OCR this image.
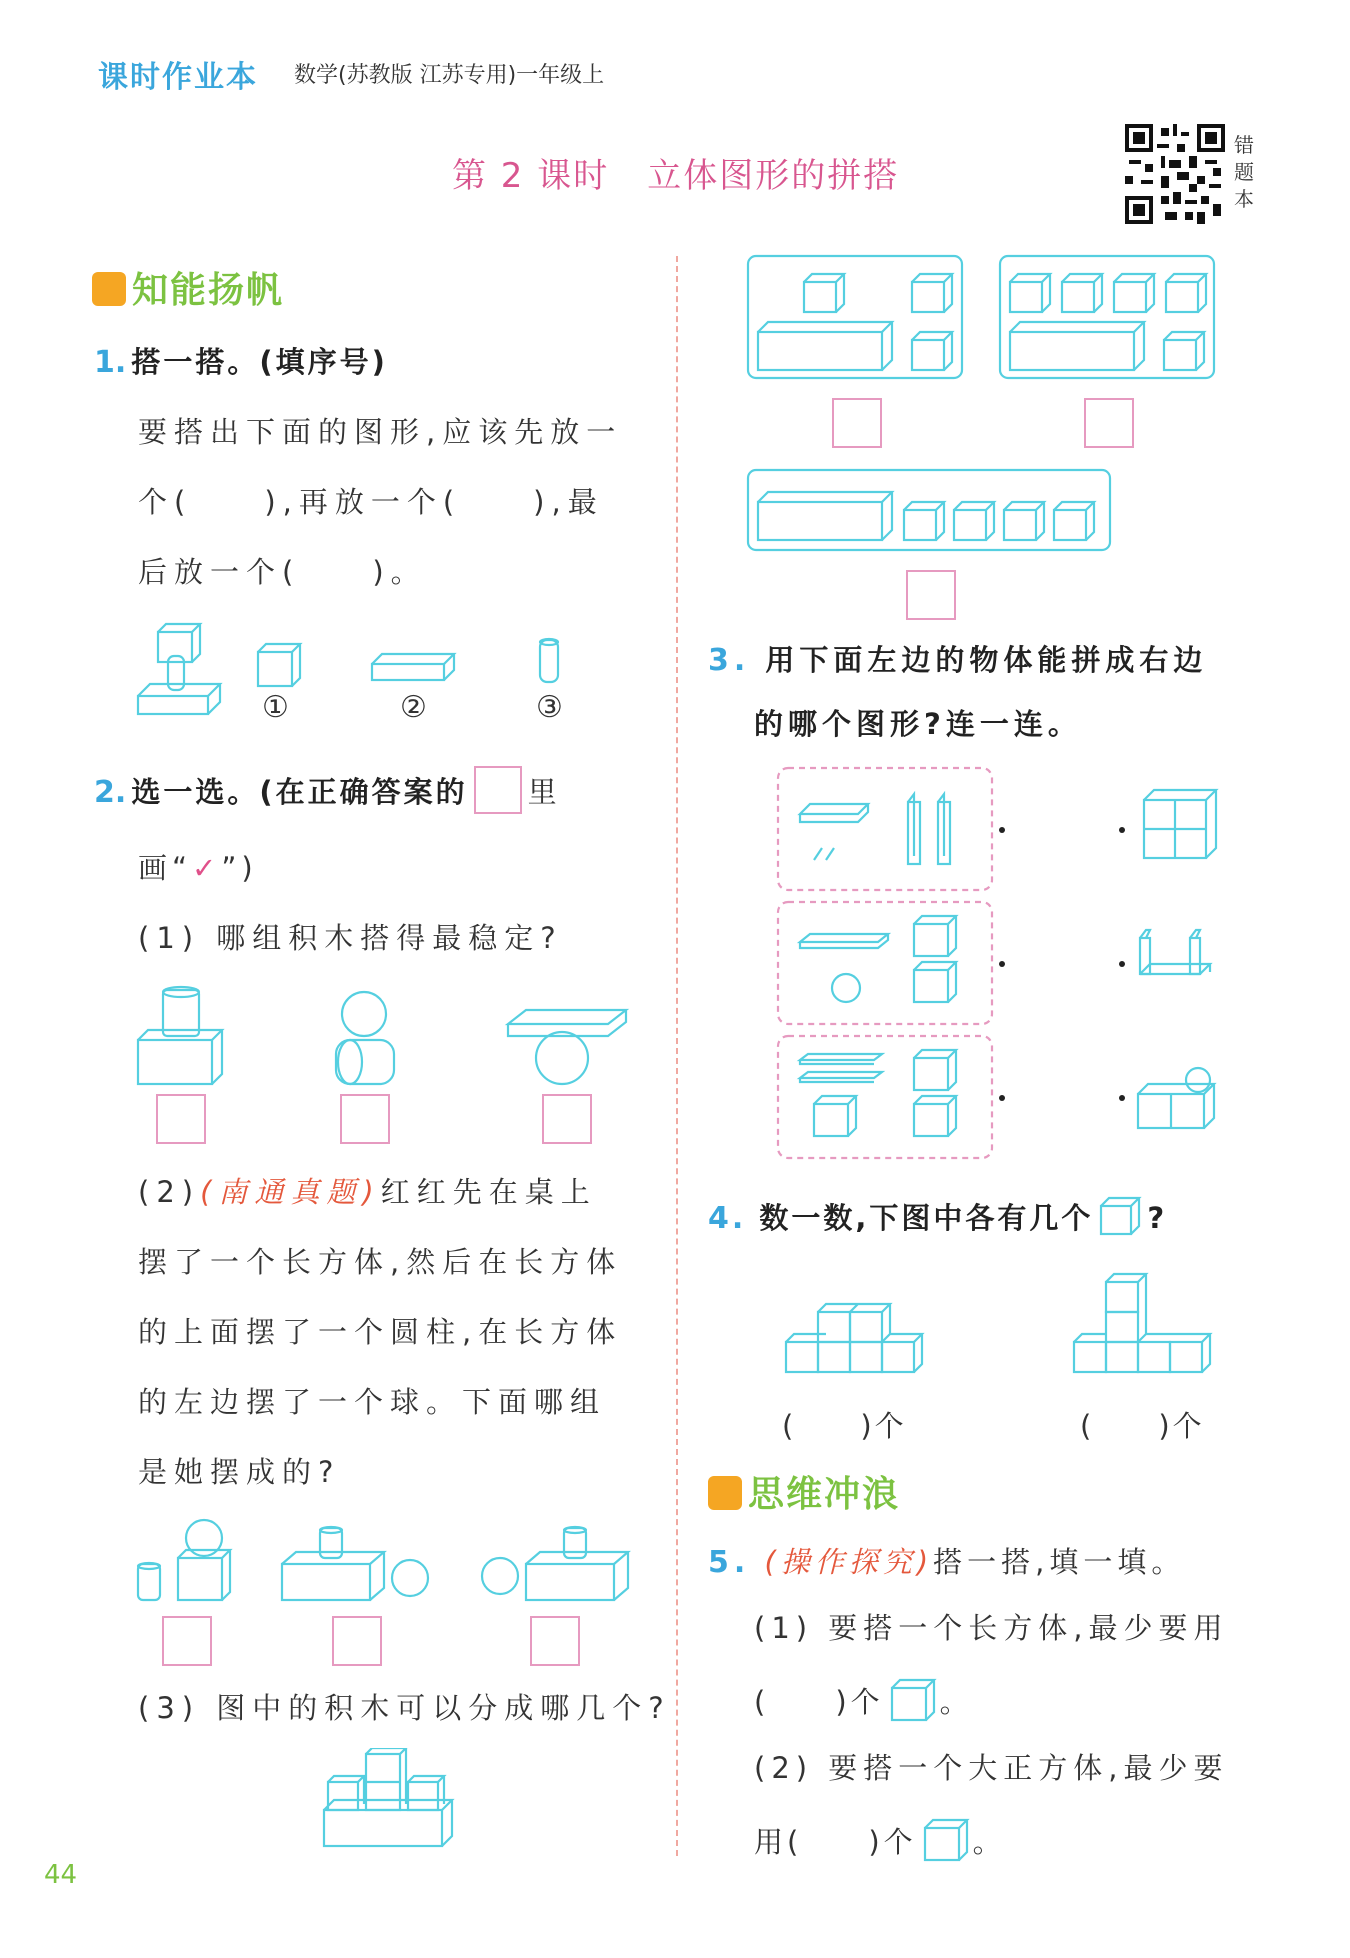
课时作业本 数学(苏教版 江苏专用)一年级上
第 2 课时 立体图形的拼搭
错题本
知能扬帆
1. 搭一搭。(填序号)
要搭出下面的图形,应该先放一
个(　　),再放一个(　　),最
后放一个(　　)。
①	②	③
2. 选一选。(在正确答案的 里
画“✓”)
(1) 哪组积木搭得最稳定?
(2)(南通真题)红红先在桌上
摆了一个长方体,然后在长方体
的上面摆了一个圆柱,在长方体
的左边摆了一个球。下面哪组
是她摆成的?
(3) 图中的积木可以分成哪几个?
44
3. 用下面左边的物体能拼成右边
的哪个图形?连一连。
4. 数一数,下图中各有几个 ?
(　　)个	(　　)个
思维冲浪
5. (操作探究)搭一搭,填一填。
(1) 要搭一个长方体,最少要用
(　　)个 。
(2) 要搭一个大正方体,最少要
用(　　)个 。
